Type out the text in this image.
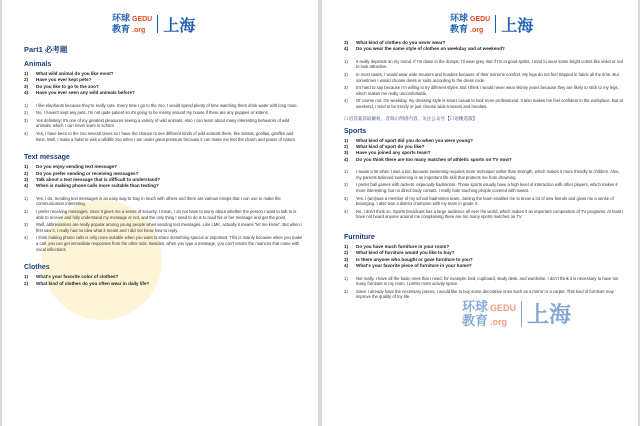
环球 GEDU
教育 .org 上海
Part1 必考题
Animals
1)	What wild animal do you like most?
2)	Have you ever kept pets?
3)	Do you like to go to the zoo?
4)	Have you ever seen any wild animals before?
1)	I like elephants because they're really cute. Every time I go to the zoo, I would spend plenty of time watching them drink water with long nose.
2)	No, I haven't kept any pets. I'm not quite patient so it's going to be messy around my house if there are any puppies or kittens.
3)	Yes definitely! It's one of my greatest pleasures seeing a variety of wild animals. Also I can learn about many interesting behaviors of wild animals, which I can never learn in school.
4)	Yes, I have been to the zoo several times so I have the chance to see different kinds of wild animals there, like zebras, gorillas, giraffes and lions. Well, I make a habit to visit a wildlife zoo when I am under great pressure because it can make me feel the charm and power of nature.
Text message
1)	Do you enjoy sending text message?
2)	Do you prefer sending or receiving messages?
3)	Talk about a text message that is difficult to understand?
4)	When is making phone calls more suitable than texting?
1)	Yes, I do. Sending text messages is an easy way to stay in touch with others and there are various emojis that I can use to make the communication interesting.
2)	I prefer receiving messages, since it gives me a sense of security. I mean, I do not have to worry about whether the person I want to talk to is able to receive and fully understand my message or not, and the only thing I need to do is to read his or her message and get the point.
3)	Well, abbreviations are really popular among young people when sending text messages. Like LMK, actually it means "let me know". But when I first saw it, I really had no idea what it meant and I did not know how to reply.
4)	I think making phone calls is only more suitable when you want to share something special or important. This is mainly because when you make a call, you can get immediate responses from the other side. Besides, when you type a message, you can't render the nuances that come with vocal inflections.
Clothes
1)	What's your favorite color of clothes?
2)	What kind of clothes do you often wear in daily life?
环球 GEDU
教育 .org 上海
环球 GEDU
教育 .org 上海
3)	What kind of clothes do you never wear?
4)	Do you wear the same style of clothes on weekday and at weekend?
1)	It really depends on my mood. If I'm down in the dumps, I'll wear grey. But if I'm in good spirits, I tend to wear some bright colors like violet or red to look attractive.
2)	In most cases, I would wear wide trousers and hoodies because of their extreme comfort. My legs do not feel trapped in fabric all the time. But sometimes I would choose dress or suits according to the dress code.
3)	It's hard to say because I'm willing to try different styles. But I think I would never wear skinny jeans because they are likely to stick to my legs, which makes me really uncomfortable.
4)	Of course not. On weekday, my dressing style is smart casual to look more professional. It also makes me feel confident in the workplace. But at weekend, I tend to be trendy or just choose wide trousers and hoodies.
口语答案获取解析，音频示例请内容，关注公众号【口语精选版】
Sports
1)	What kind of sport did you do when you were young?
2)	What kind of sport do you like?
3)	Have you joined any sports team?
4)	Do you think there are too many matches of athletic sports on TV now?
1)	I swam a lot when I was a kid, because swimming requires more technique rather than strength, which makes it more friendly to children. Also, my parents believed swimming is an important life skill that protects me from drowning.
2)	I prefer ball games with rackets, especially badminton. Those sports usually have a high level of interaction with other players, which makes it more interesting, but no direct body contact. I really hate touching people covered with sweat.
3)	Yes, I (am)was a member of my school badminton team. Joining the team enables me to know a lot of new friends and gives me a sense of belonging. I also won a district champion with my team in grade X.
4)	No, I don't think so. Sports broadcast has a large audience all over the world, which makes it an important composition of TV programs. At least I have not heard anyone around me complaining there are too many sports matches on TV.
Furniture
1)	Do you have much furniture in your room?
2)	What kind of furniture would you like to buy?
3)	Is there anyone who bought or gave furniture to you?
4)	What's your favorite piece of furniture in your home?
1)	Not really. I have all the basic ones that I need, for example, bed, cupboard, study desk, and wardrobe. I don't think it is necessary to have too many furniture in my room. I prefer more activity space.
2)	Since I already have the necessary pieces, I would like to buy some decorative ones such as a mirror or a carpet. This kind of furniture may improve the quality of my life.
